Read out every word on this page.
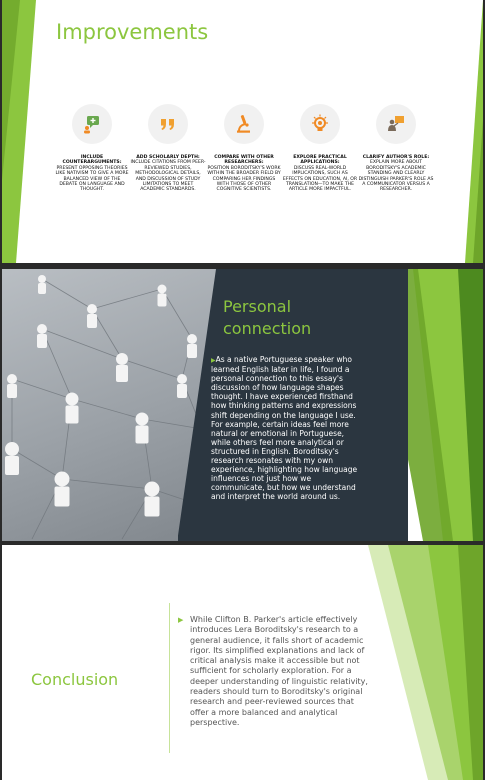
Improvements
INCLUDE COUNTERARGUMENTS:
PRESENT OPPOSING THEORIES LIKE NATIVISM TO GIVE A MORE BALANCED VIEW OF THE DEBATE ON LANGUAGE AND THOUGHT.
ADD SCHOLARLY DEPTH:
INCLUDE CITATIONS FROM PEER-REVIEWED STUDIES, METHODOLOGICAL DETAILS, AND DISCUSSION OF STUDY LIMITATIONS TO MEET ACADEMIC STANDARDS.
COMPARE WITH OTHER RESEARCHERS:
POSITION BORODITSKY'S WORK WITHIN THE BROADER FIELD BY COMPARING HER FINDINGS WITH THOSE OF OTHER COGNITIVE SCIENTISTS.
EXPLORE PRACTICAL APPLICATIONS:
DISCUSS REAL-WORLD IMPLICATIONS, SUCH AS EFFECTS ON EDUCATION, AI, OR TRANSLATION—TO MAKE THE ARTICLE MORE IMPACTFUL.
CLARIFY AUTHOR'S ROLE:
EXPLAIN MORE ABOUT BORODITSKY'S ACADEMIC STANDING AND CLEARLY DISTINGUISH PARKER'S ROLE AS A COMMUNICATOR VERSUS A RESEARCHER.
Personal
connection
▶As a native Portuguese speaker who learned English later in life, I found a personal connection to this essay's discussion of how language shapes thought. I have experienced firsthand how thinking patterns and expressions shift depending on the language I use. For example, certain ideas feel more natural or emotional in Portuguese, while others feel more analytical or structured in English. Boroditsky's research resonates with my own experience, highlighting how language influences not just how we communicate, but how we understand and interpret the world around us.
Conclusion
▶ While Clifton B. Parker's article effectively introduces Lera Boroditsky's research to a general audience, it falls short of academic rigor. Its simplified explanations and lack of critical analysis make it accessible but not sufficient for scholarly exploration. For a deeper understanding of linguistic relativity, readers should turn to Boroditsky's original research and peer-reviewed sources that offer a more balanced and analytical perspective.
